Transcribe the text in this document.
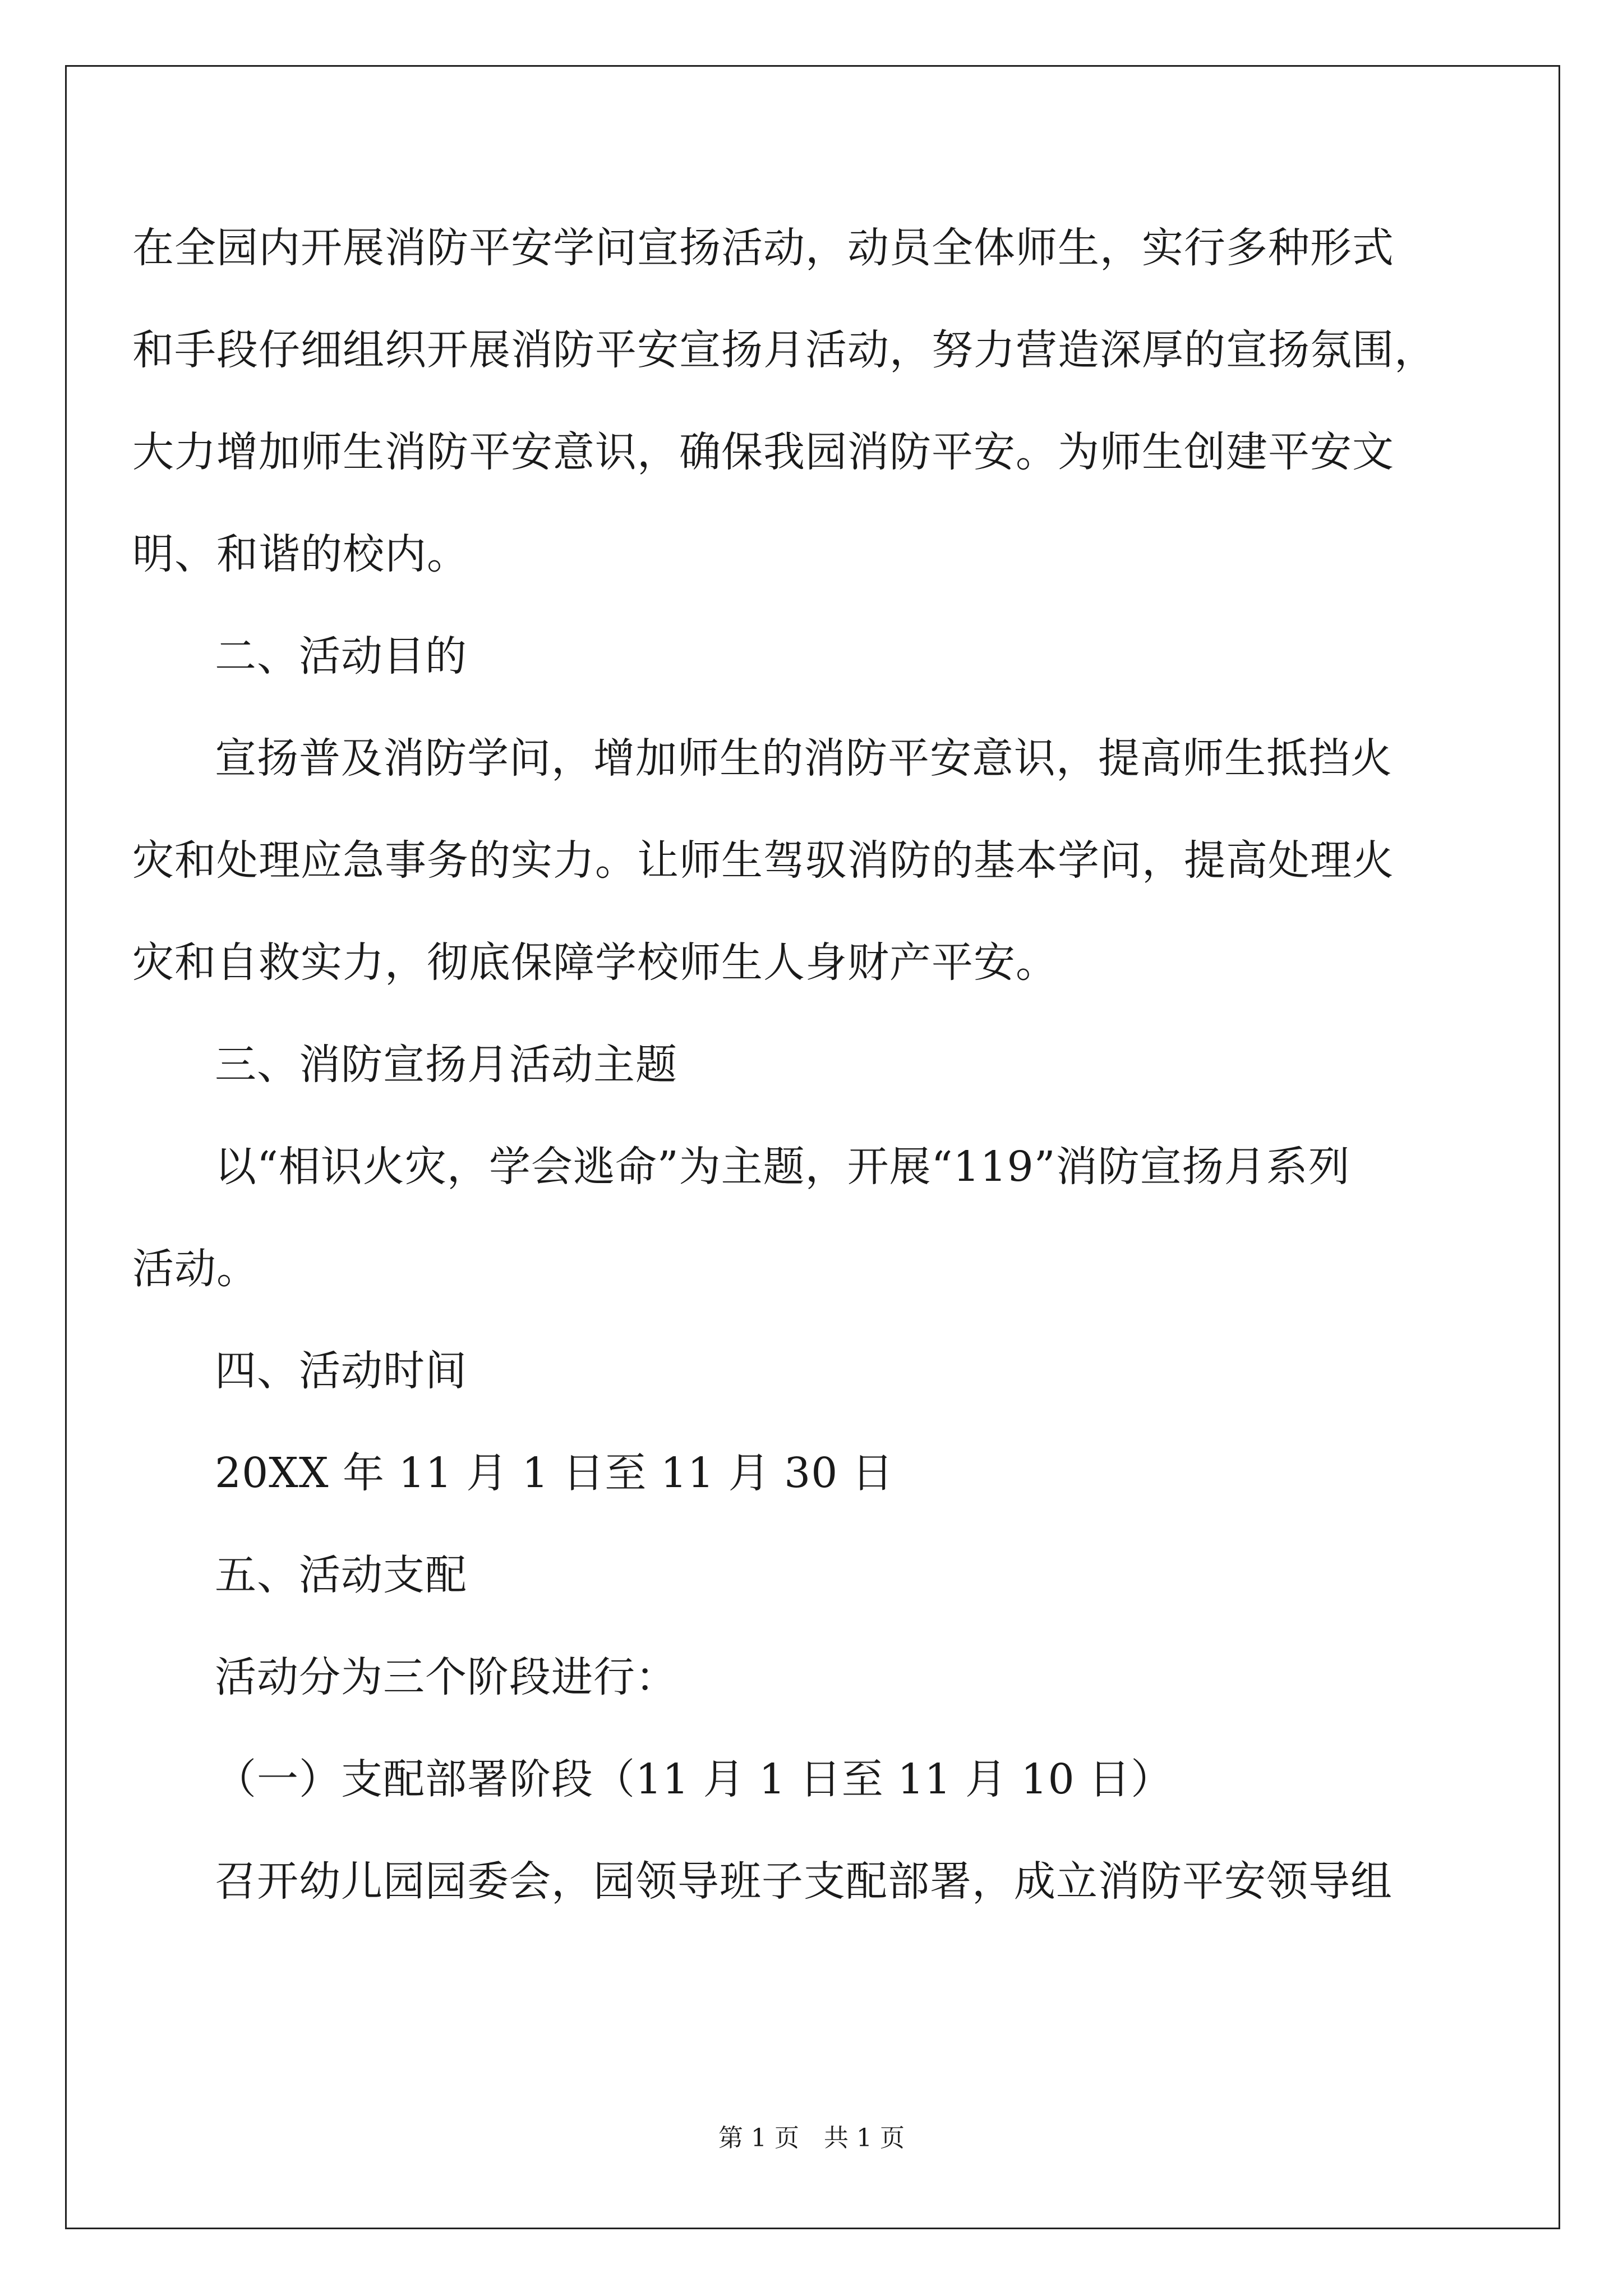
在全园内开展消防平安学问宣扬活动，动员全体师生，实行多种形式
和手段仔细组织开展消防平安宣扬月活动，努力营造深厚的宣扬氛围，
大力增加师生消防平安意识，确保我园消防平安。为师生创建平安文
明、和谐的校内。
二、活动目的
宣扬普及消防学问，增加师生的消防平安意识，提高师生抵挡火
灾和处理应急事务的实力。让师生驾驭消防的基本学问，提高处理火
灾和自救实力，彻底保障学校师生人身财产平安。
三、消防宣扬月活动主题
以“相识火灾，学会逃命”为主题，开展“119”消防宣扬月系列
活动。
四、活动时间
20XX 年 11 月 1 日至 11 月 30 日
五、活动支配
活动分为三个阶段进行：
（一）支配部署阶段（11 月 1 日至 11 月 10 日）
召开幼儿园园委会，园领导班子支配部署，成立消防平安领导组
第 1 页　共 1 页
